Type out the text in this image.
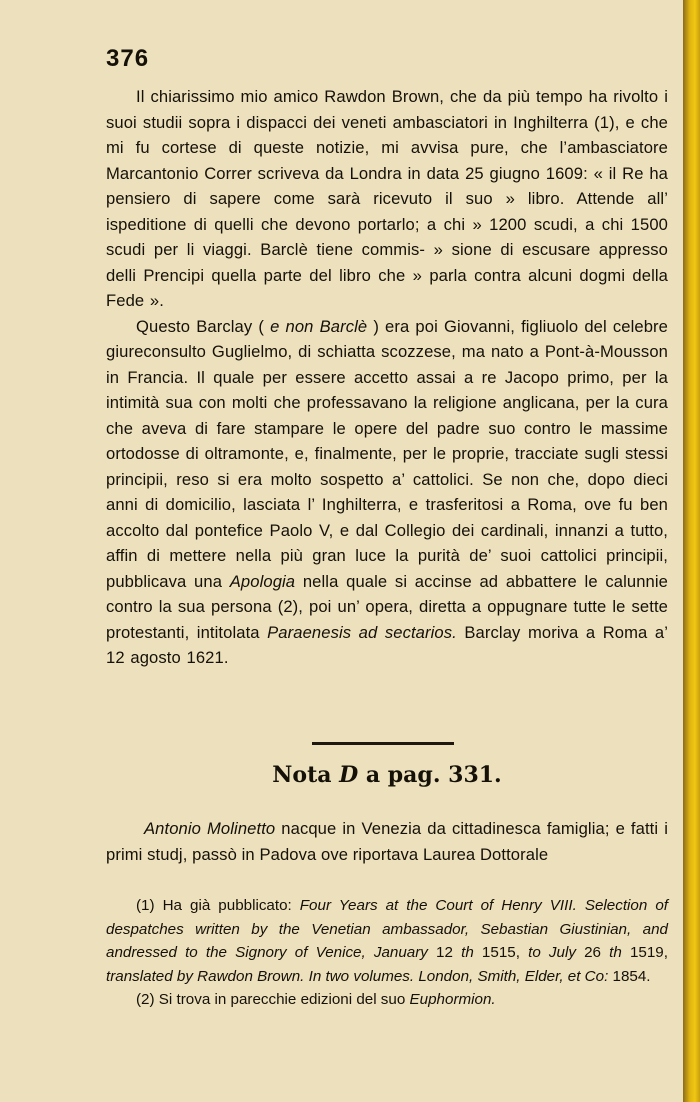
376

Il chiarissimo mio amico Rawdon Brown, che da più tempo ha rivolto i suoi studii sopra i dispacci dei veneti ambasciatori in Inghilterra (1), e che mi fu cortese di queste notizie, mi avvisa pure, che l’ambasciatore Marcantonio Correr scriveva da Londra in data 25 giugno 1609: « il Re ha pensiero di sapere come sarà ricevuto il suo » libro. Attende all’ ispeditione di quelli che devono portarlo; a chi » 1200 scudi, a chi 1500 scudi per li viaggi. Barclè tiene commis- » sione di escusare appresso delli Prencipi quella parte del libro che » parla contra alcuni dogmi della Fede ».

Questo Barclay ( e non Barclè ) era poi Giovanni, figliuolo del celebre giureconsulto Guglielmo, di schiatta scozzese, ma nato a Pont-à-Mousson in Francia. Il quale per essere accetto assai a re Jacopo primo, per la intimità sua con molti che professavano la religione anglicana, per la cura che aveva di fare stampare le opere del padre suo contro le massime ortodosse di oltramonte, e, finalmente, per le proprie, tracciate sugli stessi principii, reso si era molto sospetto a’ cattolici. Se non che, dopo dieci anni di domicilio, lasciata l’ Inghilterra, e trasferitosi a Roma, ove fu ben accolto dal pontefice Paolo V, e dal Collegio dei cardinali, innanzi a tutto, affin di mettere nella più gran luce la purità de’ suoi cattolici principii, pubblicava una Apologia nella quale si accinse ad abbattere le calunnie contro la sua persona (2), poi un’ opera, diretta a oppugnare tutte le sette protestanti, intitolata Paraenesis ad sectarios. Barclay moriva a Roma a’ 12 agosto 1621.

Nota D a pag. 331.

Antonio Molinetto nacque in Venezia da cittadinesca famiglia; e fatti i primi studj, passò in Padova ove riportava Laurea Dottorale

(1) Ha già pubblicato: Four Years at the Court of Henry VIII. Selection of despatches written by the Venetian ambassador, Sebastian Giustinian, and andressed to the Signory of Venice, January 12 th 1515, to July 26 th 1519, translated by Rawdon Brown. In two volumes. London, Smith, Elder, et Co: 1854.

(2) Si trova in parecchie edizioni del suo Euphormion.
